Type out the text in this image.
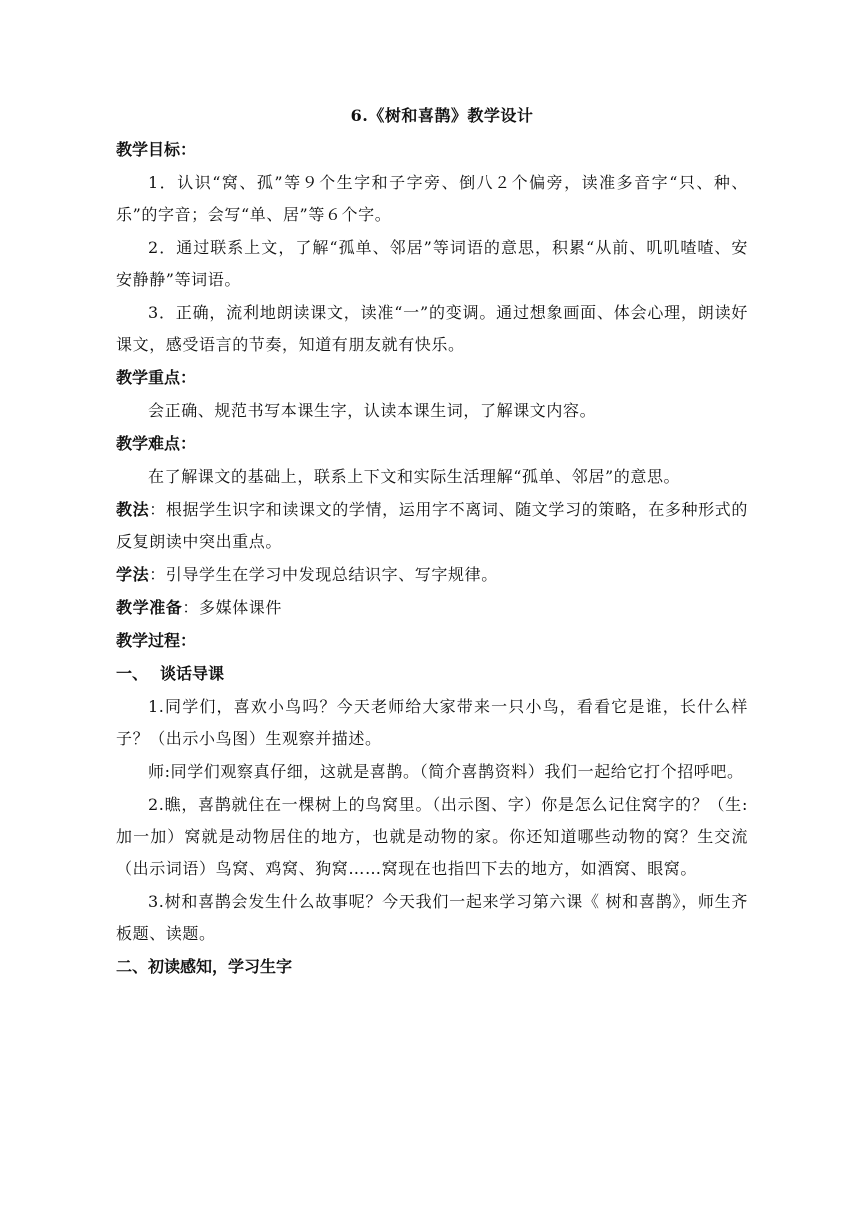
6.《树和喜鹊》教学设计
教学目标：

1．认识“窝、孤”等９个生字和子字旁、倒八２个偏旁，读准多音字“只、种、乐”的字音；会写“单、居”等６个字。

2．通过联系上文，了解“孤单、邻居”等词语的意思，积累“从前、叽叽喳喳、安安静静”等词语。

3．正确，流利地朗读课文，读准“一”的变调。通过想象画面、体会心理，朗读好课文，感受语言的节奏，知道有朋友就有快乐。

教学重点：

会正确、规范书写本课生字，认读本课生词，了解课文内容。

教学难点：

在了解课文的基础上，联系上下文和实际生活理解“孤单、邻居”的意思。

教法：根据学生识字和读课文的学情，运用字不离词、随文学习的策略，在多种形式的反复朗读中突出重点。

学法：引导学生在学习中发现总结识字、写字规律。

教学准备：多媒体课件

教学过程：
一、 谈话导课

1.同学们，喜欢小鸟吗？今天老师给大家带来一只小鸟，看看它是谁，长什么样子？（出示小鸟图）生观察并描述。

师:同学们观察真仔细，这就是喜鹊。（简介喜鹊资料）我们一起给它打个招呼吧。

2.瞧，喜鹊就住在一棵树上的鸟窝里。（出示图、字）你是怎么记住窝字的？（生:加一加）窝就是动物居住的地方，也就是动物的家。你还知道哪些动物的窝？生交流（出示词语）鸟窝、鸡窝、狗窝……窝现在也指凹下去的地方，如酒窝、眼窝。

3.树和喜鹊会发生什么故事呢？今天我们一起来学习第六课《 树和喜鹊》，师生齐板题、读题。

二、初读感知，学习生字
